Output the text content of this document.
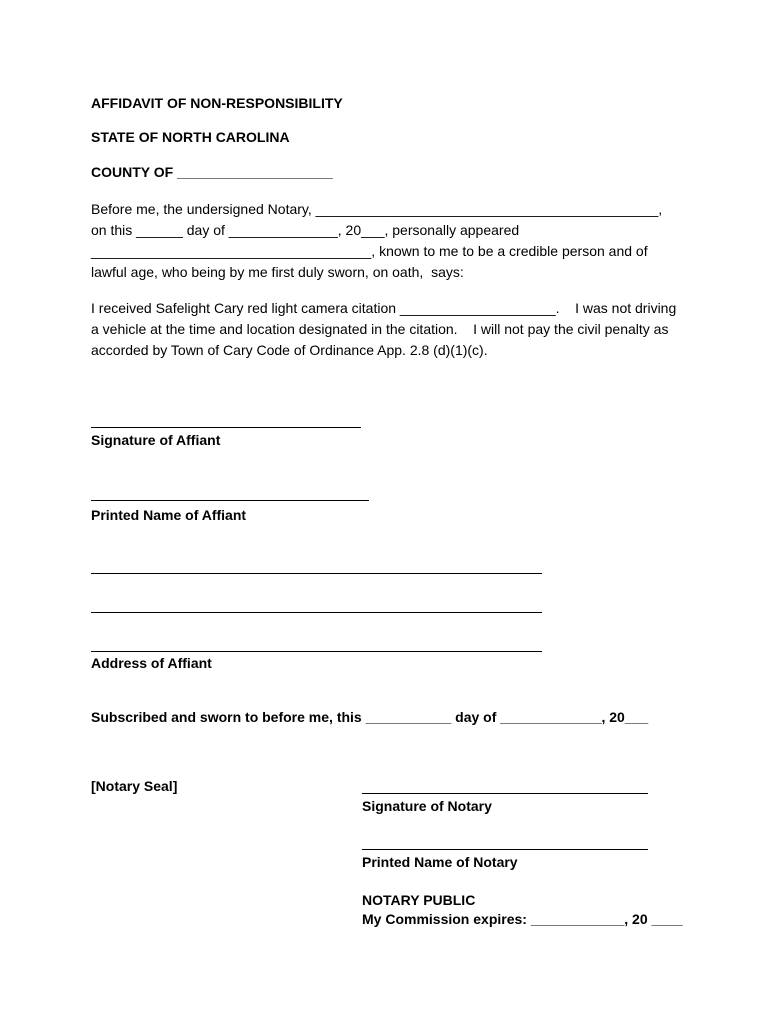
AFFIDAVIT OF NON-RESPONSIBILITY
STATE OF NORTH CAROLINA
COUNTY OF ____________________
Before me, the undersigned Notary, ____________________________________________,
on this ______ day of ______________, 20___, personally appeared
____________________________________, known to me to be a credible person and of
lawful age, who being by me first duly sworn, on oath,  says:
I received Safelight Cary red light camera citation ____________________.    I was not driving
a vehicle at the time and location designated in the citation.    I will not pay the civil penalty as
accorded by Town of Cary Code of Ordinance App. 2.8 (d)(1)(c).
Signature of Affiant
Printed Name of Affiant
Address of Affiant
Subscribed and sworn to before me, this ___________ day of _____________, 20___
[Notary Seal]
Signature of Notary
Printed Name of Notary
NOTARY PUBLIC
My Commission expires: ____________, 20 ____
